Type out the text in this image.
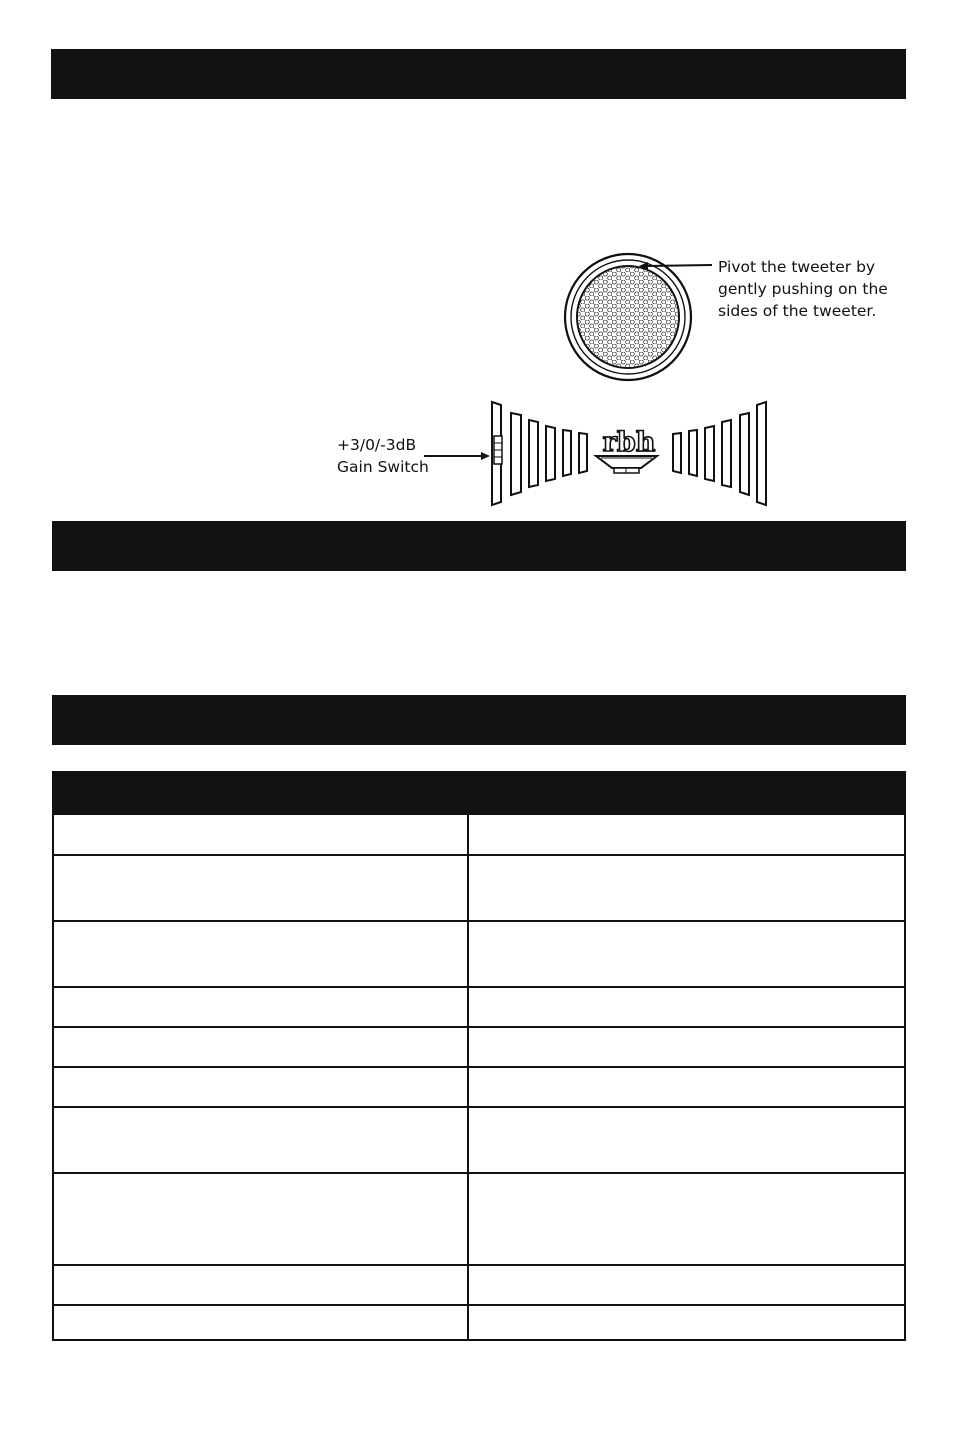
rbh
Pivot the tweeter by
gently pushing on the
sides of the tweeter.
+3/0/-3dB
Gain Switch
